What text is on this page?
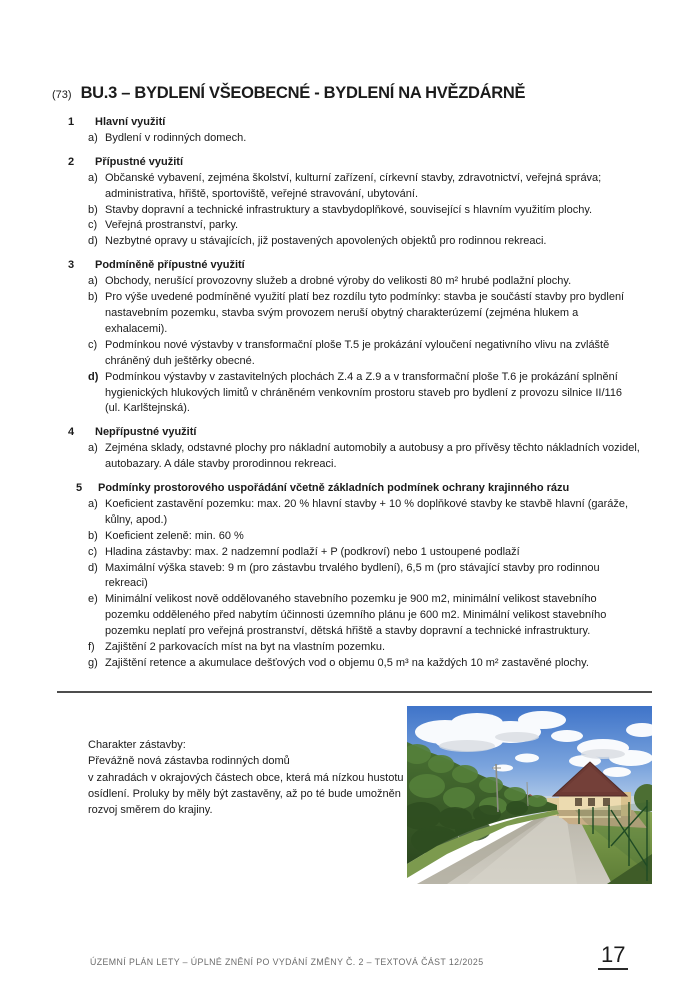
(73) BU.3 – BYDLENÍ VŠEOBECNÉ - BYDLENÍ NA HVĚZDÁRNĚ
1	Hlavní využití
a) Bydlení v rodinných domech.
2	Přípustné využití
a) Občanské vybavení, zejména školství, kulturní zařízení, církevní stavby, zdravotnictví, veřejná správa; administrativa, hřiště, sportoviště, veřejné stravování, ubytování.
b) Stavby dopravní a technické infrastruktury a stavbydoplňkové, související s hlavním využitím plochy.
c) Veřejná prostranství, parky.
d) Nezbytné opravy u stávajících, již postavených apovolených objektů pro rodinnou rekreaci.
3	Podmíněně přípustné využití
a) Obchody, nerušící provozovny služeb a drobné výroby do velikosti 80 m² hrubé podlažní plochy.
b) Pro výše uvedené podmíněné využití platí bez rozdílu tyto podmínky: stavba je součástí stavby pro bydlení nastavebním pozemku, stavba svým provozem neruší obytný charakterúzemí (zejména hlukem a exhalacemi).
c) Podmínkou nové výstavby v transformační ploše T.5 je prokázání vyloučení negativního vlivu na zvláště chráněný duh ještěrky obecné.
d) Podmínkou výstavby v zastavitelných plochách Z.4 a Z.9 a v transformační ploše T.6 je prokázání splnění hygienických hlukových limitů v chráněném venkovním prostoru staveb pro bydlení z provozu silnice II/116 (ul. Karlštejnská).
4	Nepřípustné využití
a) Zejména sklady, odstavné plochy pro nákladní automobily a autobusy a pro přívěsy těchto nákladních vozidel, autobazary. A dále stavby prorodinnou rekreaci.
5	Podmínky prostorového uspořádání včetně základních podmínek ochrany krajinného rázu
a) Koeficient zastavění pozemku: max. 20 % hlavní stavby + 10 % doplňkové stavby ke stavbě hlavní (garáže, kůlny, apod.)
b) Koeficient zeleně: min. 60 %
c) Hladina zástavby: max. 2 nadzemní podlaží + P (podkroví) nebo 1 ustoupené podlaží
d) Maximální výška staveb: 9 m (pro zástavbu trvalého bydlení), 6,5 m (pro stávající stavby pro rodinnou rekreaci)
e) Minimální velikost nově oddělovaného stavebního pozemku je 900 m2, minimální velikost stavebního pozemku odděleného před nabytím účinnosti územního plánu je 600 m2. Minimální velikost stavebního pozemku neplatí pro veřejná prostranství, dětská hřiště a stavby dopravní a technické infrastruktury.
f) Zajištění 2 parkovacích míst na byt na vlastním pozemku.
g) Zajištění retence a akumulace dešťových vod o objemu 0,5 m³ na každých 10 m² zastavěné plochy.
Charakter zástavby:
Převážně nová zástavba rodinných domů
v zahradách v okrajových částech obce, která má nízkou hustotu
osídlení. Proluky by měly být zastavěny, až po té bude umožněn
rozvoj směrem do krajiny.
ÚZEMNÍ PLÁN LETY – ÚPLNÉ ZNĚNÍ PO VYDÁNÍ ZMĚNY Č. 2 – TEXTOVÁ ČÁST 12/2025	17
